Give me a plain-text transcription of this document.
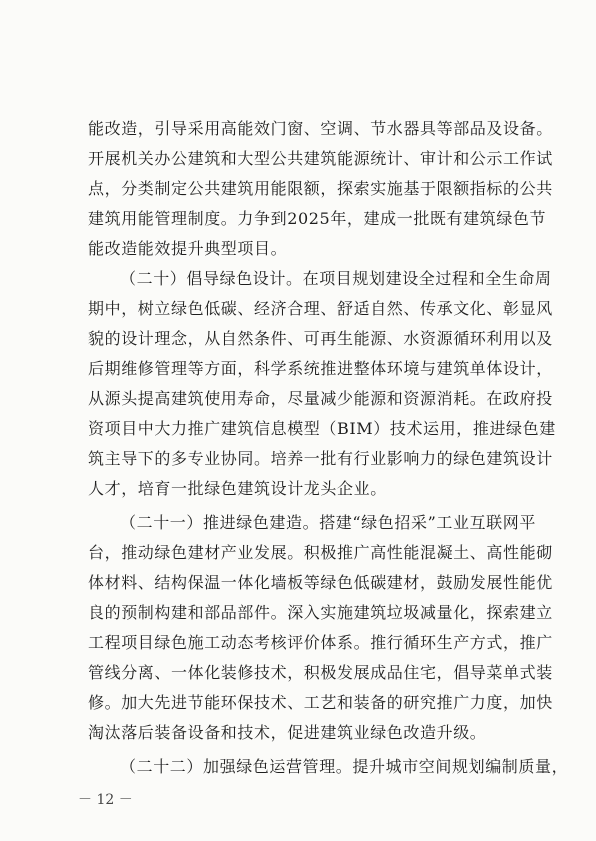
能改造，引导采用高能效门窗、空调、节水器具等部品及设备。
开展机关办公建筑和大型公共建筑能源统计、审计和公示工作试
点，分类制定公共建筑用能限额，探索实施基于限额指标的公共
建筑用能管理制度。力争到2025年，建成一批既有建筑绿色节
能改造能效提升典型项目。
（二十）倡导绿色设计。在项目规划建设全过程和全生命周
期中，树立绿色低碳、经济合理、舒适自然、传承文化、彰显风
貌的设计理念，从自然条件、可再生能源、水资源循环利用以及
后期维修管理等方面，科学系统推进整体环境与建筑单体设计，
从源头提高建筑使用寿命，尽量减少能源和资源消耗。在政府投
资项目中大力推广建筑信息模型（BIM）技术运用，推进绿色建
筑主导下的多专业协同。培养一批有行业影响力的绿色建筑设计
人才，培育一批绿色建筑设计龙头企业。
（二十一）推进绿色建造。搭建“绿色招采”工业互联网平
台，推动绿色建材产业发展。积极推广高性能混凝土、高性能砌
体材料、结构保温一体化墙板等绿色低碳建材，鼓励发展性能优
良的预制构建和部品部件。深入实施建筑垃圾减量化，探索建立
工程项目绿色施工动态考核评价体系。推行循环生产方式，推广
管线分离、一体化装修技术，积极发展成品住宅，倡导菜单式装
修。加大先进节能环保技术、工艺和装备的研究推广力度，加快
淘汰落后装备设备和技术，促进建筑业绿色改造升级。
（二十二）加强绿色运营管理。提升城市空间规划编制质量，
－ 12 －
